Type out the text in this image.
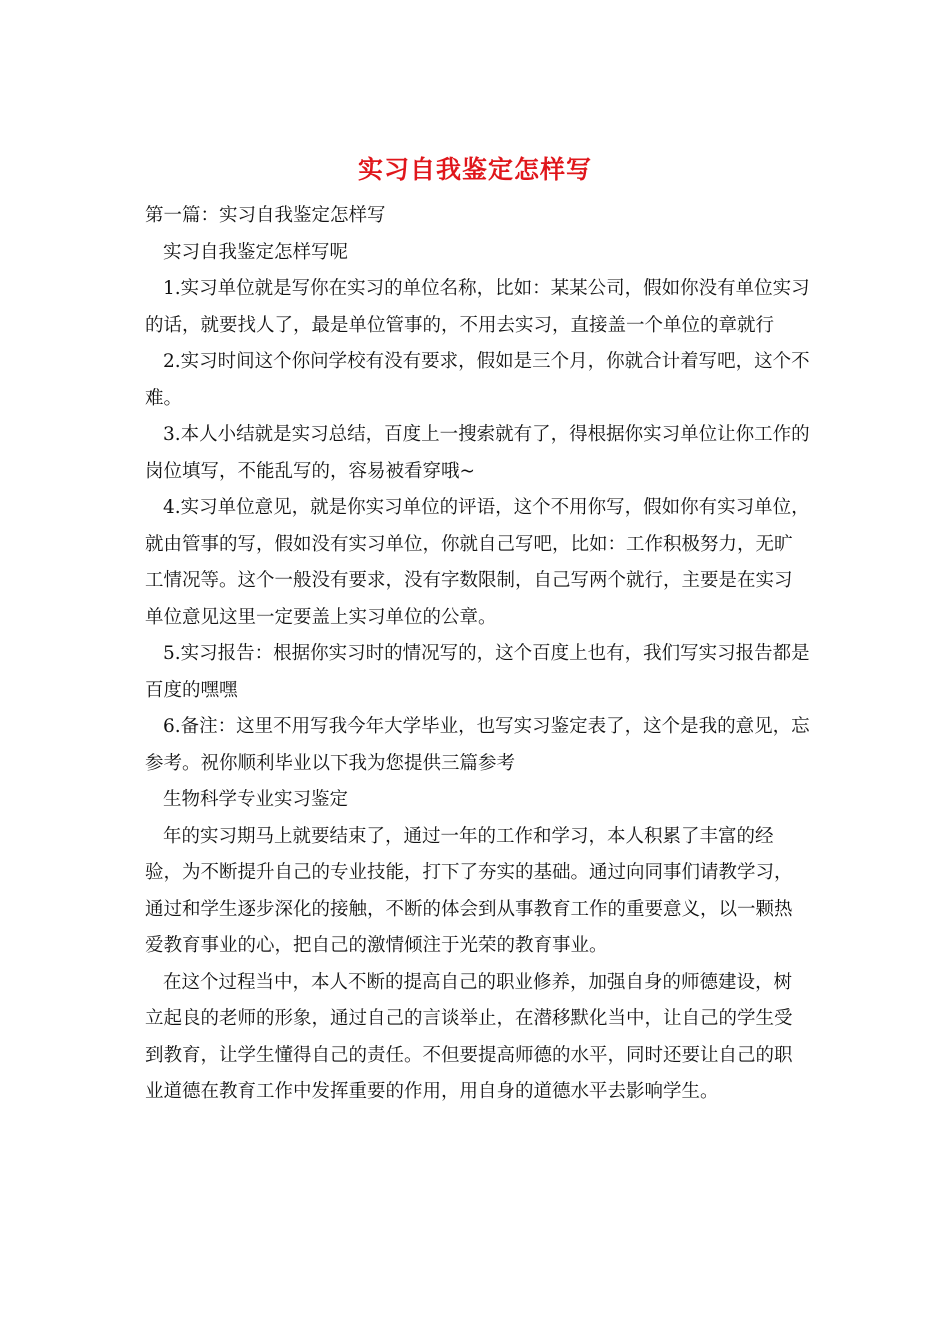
实习自我鉴定怎样写

第一篇：实习自我鉴定怎样写

实习自我鉴定怎样写呢

1.实习单位就是写你在实习的单位名称，比如：某某公司，假如你没有单位实习的话，就要找人了，最是单位管事的，不用去实习，直接盖一个单位的章就行

2.实习时间这个你问学校有没有要求，假如是三个月，你就合计着写吧，这个不难。

3.本人小结就是实习总结，百度上一搜索就有了，得根据你实习单位让你工作的岗位填写，不能乱写的，容易被看穿哦~

4.实习单位意见，就是你实习单位的评语，这个不用你写，假如你有实习单位，就由管事的写，假如没有实习单位，你就自己写吧，比如：工作积极努力，无旷工情况等。这个一般没有要求，没有字数限制，自己写两个就行，主要是在实习单位意见这里一定要盖上实习单位的公章。

5.实习报告：根据你实习时的情况写的，这个百度上也有，我们写实习报告都是百度的嘿嘿

6.备注：这里不用写我今年大学毕业，也写实习鉴定表了，这个是我的意见，忘参考。祝你顺利毕业以下我为您提供三篇参考

生物科学专业实习鉴定

年的实习期马上就要结束了，通过一年的工作和学习，本人积累了丰富的经验，为不断提升自己的专业技能，打下了夯实的基础。通过向同事们请教学习，通过和学生逐步深化的接触，不断的体会到从事教育工作的重要意义，以一颗热爱教育事业的心，把自己的激情倾注于光荣的教育事业。

在这个过程当中，本人不断的提高自己的职业修养，加强自身的师德建设，树立起良的老师的形象，通过自己的言谈举止，在潜移默化当中，让自己的学生受到教育，让学生懂得自己的责任。不但要提高师德的水平，同时还要让自己的职业道德在教育工作中发挥重要的作用，用自身的道德水平去影响学生。
